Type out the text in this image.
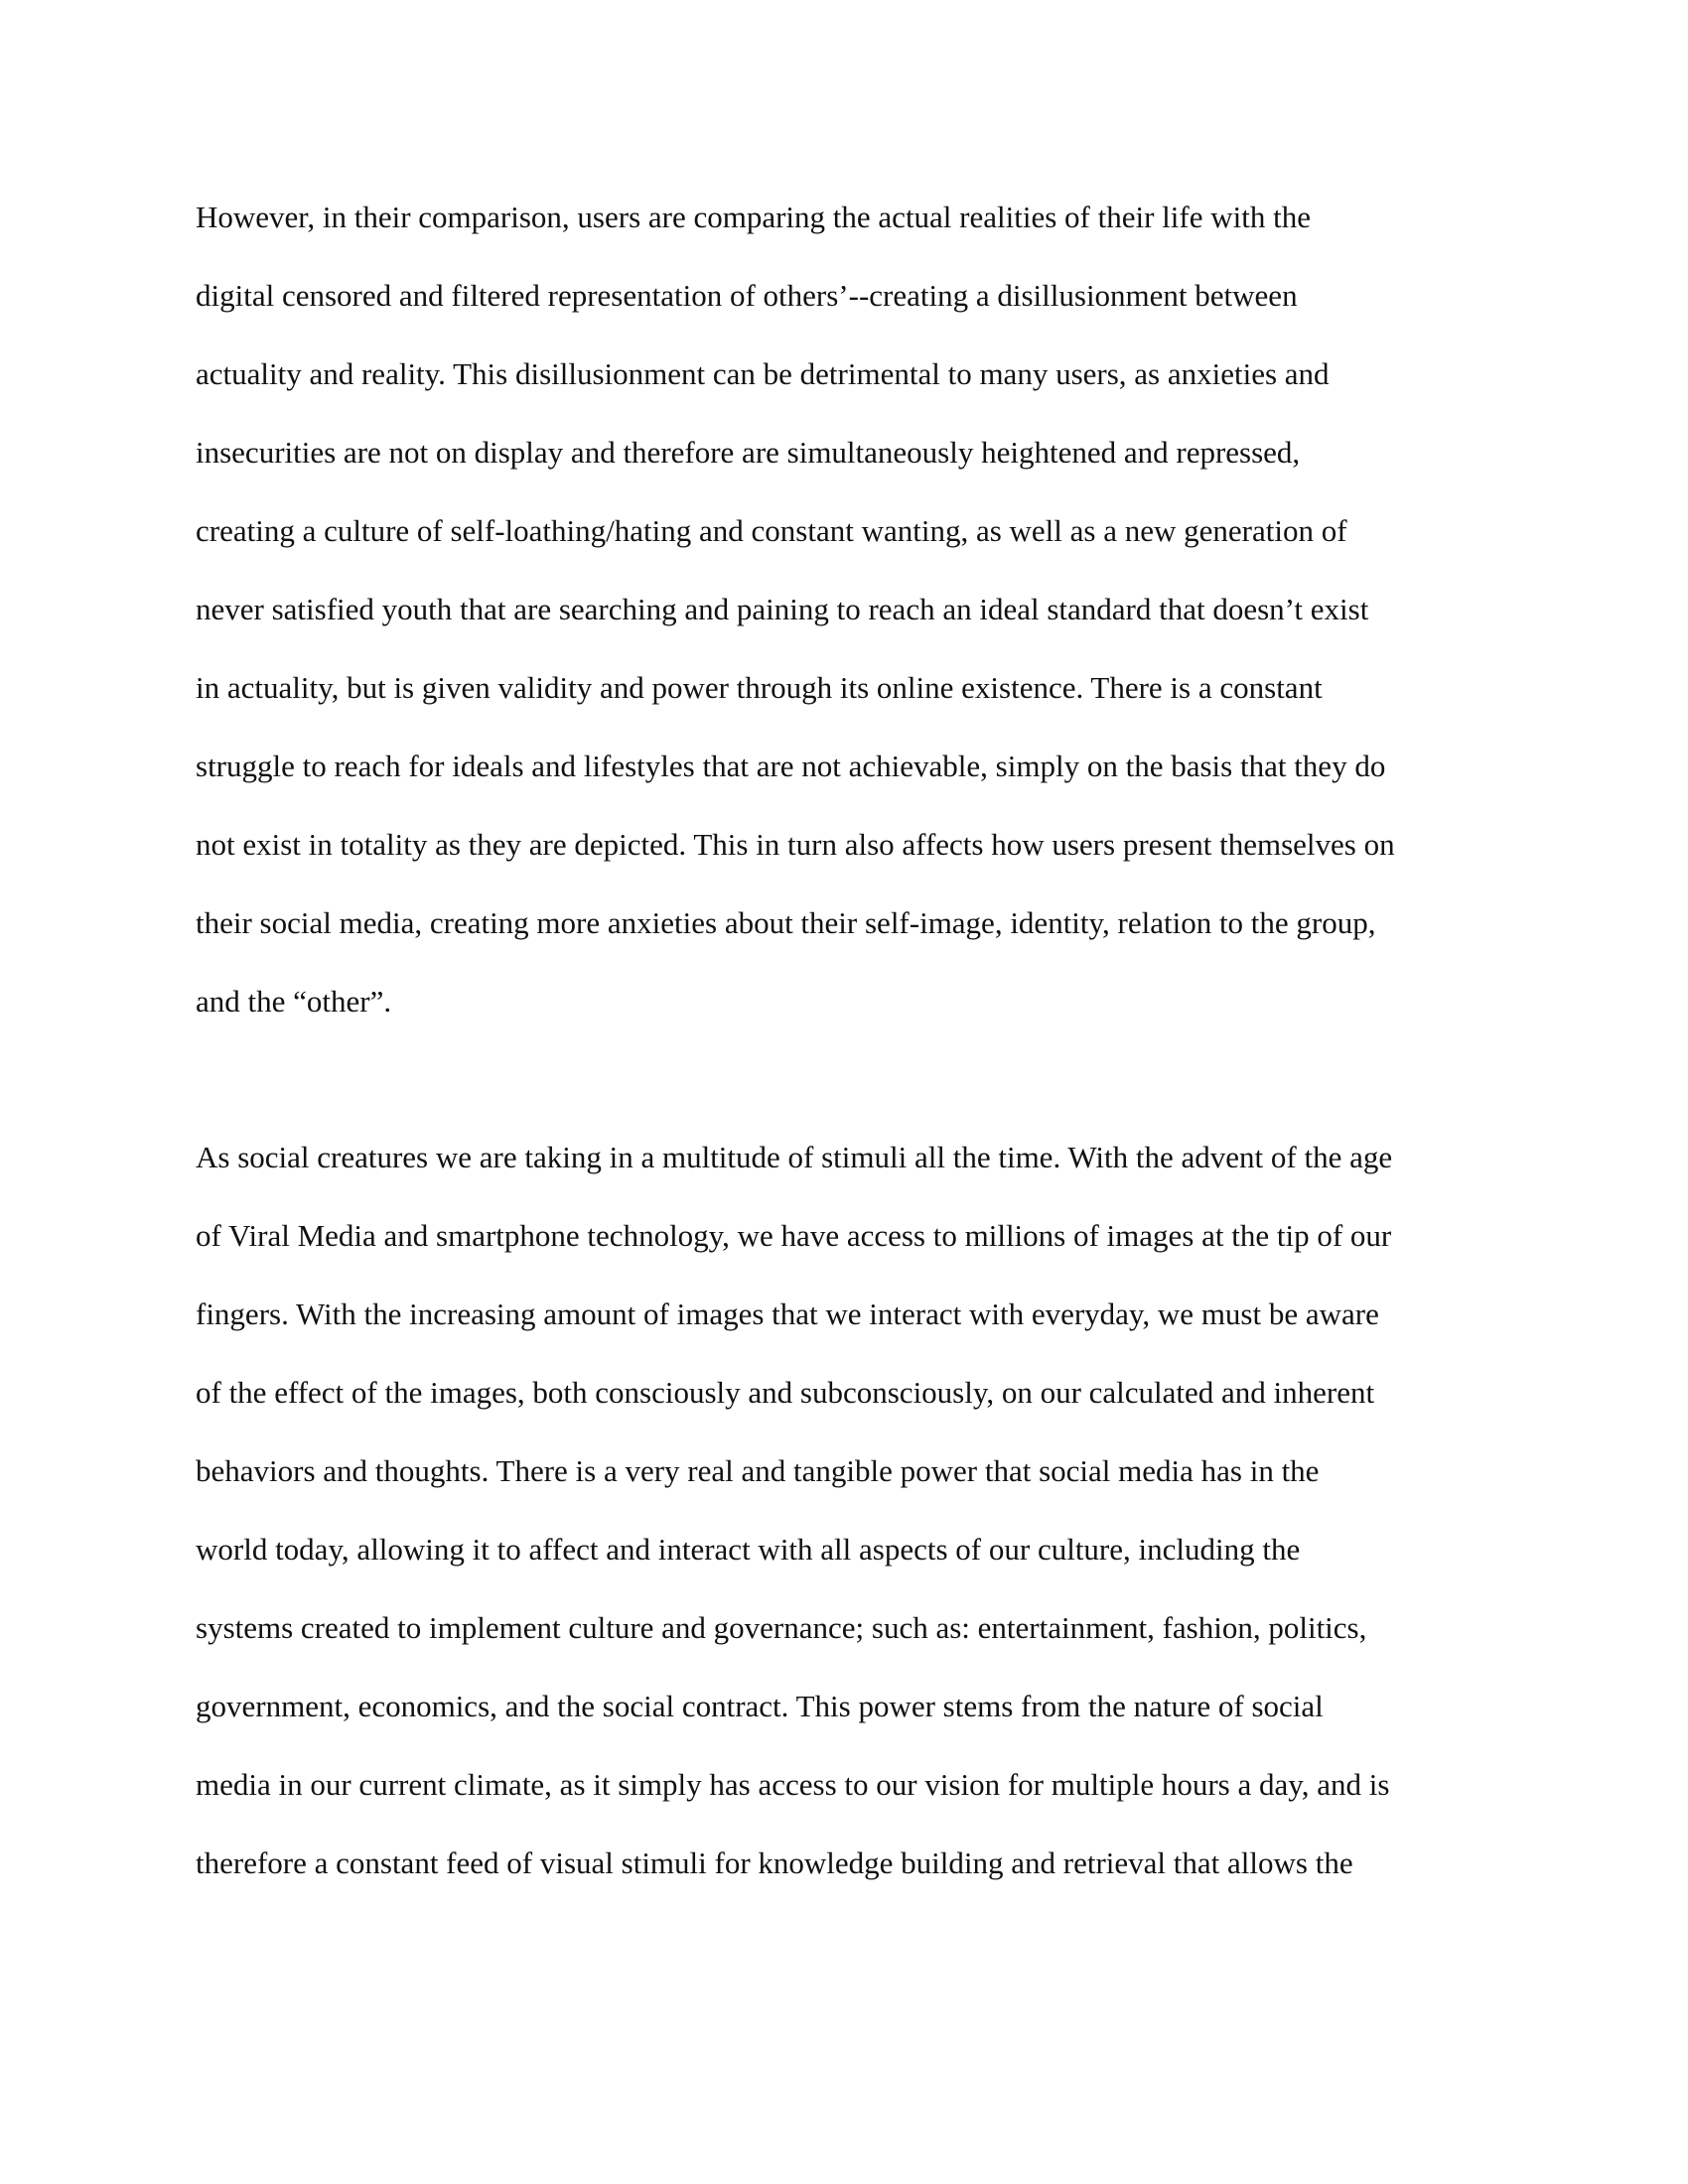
However, in their comparison, users are comparing the actual realities of their life with the
digital censored and filtered representation of others’--creating a disillusionment between
actuality and reality. This disillusionment can be detrimental to many users, as anxieties and
insecurities are not on display and therefore are simultaneously heightened and repressed,
creating a culture of self-loathing/hating and constant wanting, as well as a new generation of
never satisfied youth that are searching and paining to reach an ideal standard that doesn’t exist
in actuality, but is given validity and power through its online existence. There is a constant
struggle to reach for ideals and lifestyles that are not achievable, simply on the basis that they do
not exist in totality as they are depicted. This in turn also affects how users present themselves on
their social media, creating more anxieties about their self-image, identity, relation to the group,
and the “other”.
As social creatures we are taking in a multitude of stimuli all the time. With the advent of the age
of Viral Media and smartphone technology, we have access to millions of images at the tip of our
fingers. With the increasing amount of images that we interact with everyday, we must be aware
of the effect of the images, both consciously and subconsciously, on our calculated and inherent
behaviors and thoughts. There is a very real and tangible power that social media has in the
world today, allowing it to affect and interact with all aspects of our culture, including the
systems created to implement culture and governance; such as: entertainment, fashion, politics,
government, economics, and the social contract. This power stems from the nature of social
media in our current climate, as it simply has access to our vision for multiple hours a day, and is
therefore a constant feed of visual stimuli for knowledge building and retrieval that allows the
